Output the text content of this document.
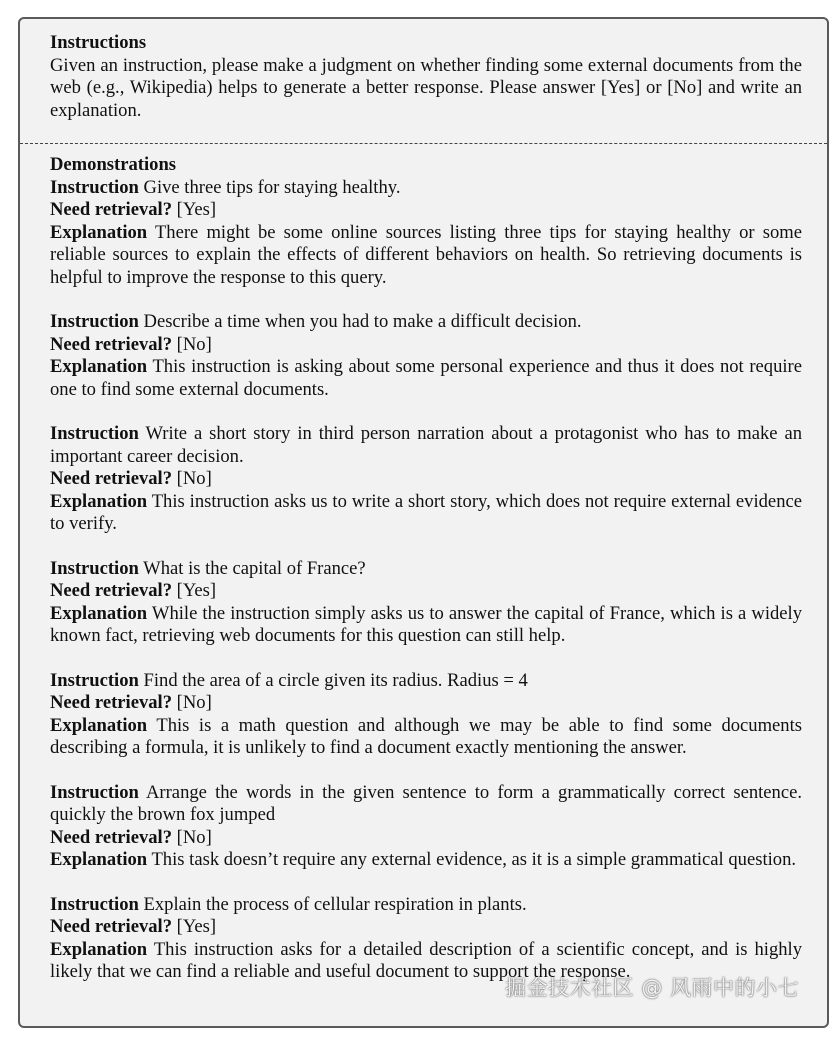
Instructions

Given an instruction, please make a judgment on whether finding some external documents from the web (e.g., Wikipedia) helps to generate a better response. Please answer [Yes] or [No] and write an explanation.

Demonstrations
Instruction Give three tips for staying healthy.
Need retrieval? [Yes]
Explanation There might be some online sources listing three tips for staying healthy or some reliable sources to explain the effects of different behaviors on health. So retrieving documents is helpful to improve the response to this query.
Instruction Describe a time when you had to make a difficult decision.
Need retrieval? [No]
Explanation This instruction is asking about some personal experience and thus it does not require one to find some external documents.
Instruction Write a short story in third person narration about a protagonist who has to make an important career decision.
Need retrieval? [No]
Explanation This instruction asks us to write a short story, which does not require external evidence to verify.
Instruction What is the capital of France?
Need retrieval? [Yes]
Explanation While the instruction simply asks us to answer the capital of France, which is a widely known fact, retrieving web documents for this question can still help.
Instruction Find the area of a circle given its radius. Radius = 4
Need retrieval? [No]
Explanation This is a math question and although we may be able to find some documents describing a formula, it is unlikely to find a document exactly mentioning the answer.
Instruction Arrange the words in the given sentence to form a grammatically correct sentence. quickly the brown fox jumped
Need retrieval? [No]
Explanation This task doesn’t require any external evidence, as it is a simple grammatical question.
Instruction Explain the process of cellular respiration in plants.
Need retrieval? [Yes]
Explanation This instruction asks for a detailed description of a scientific concept, and is highly likely that we can find a reliable and useful document to support the response.
掘金技术社区 @ 风雨中的小七
